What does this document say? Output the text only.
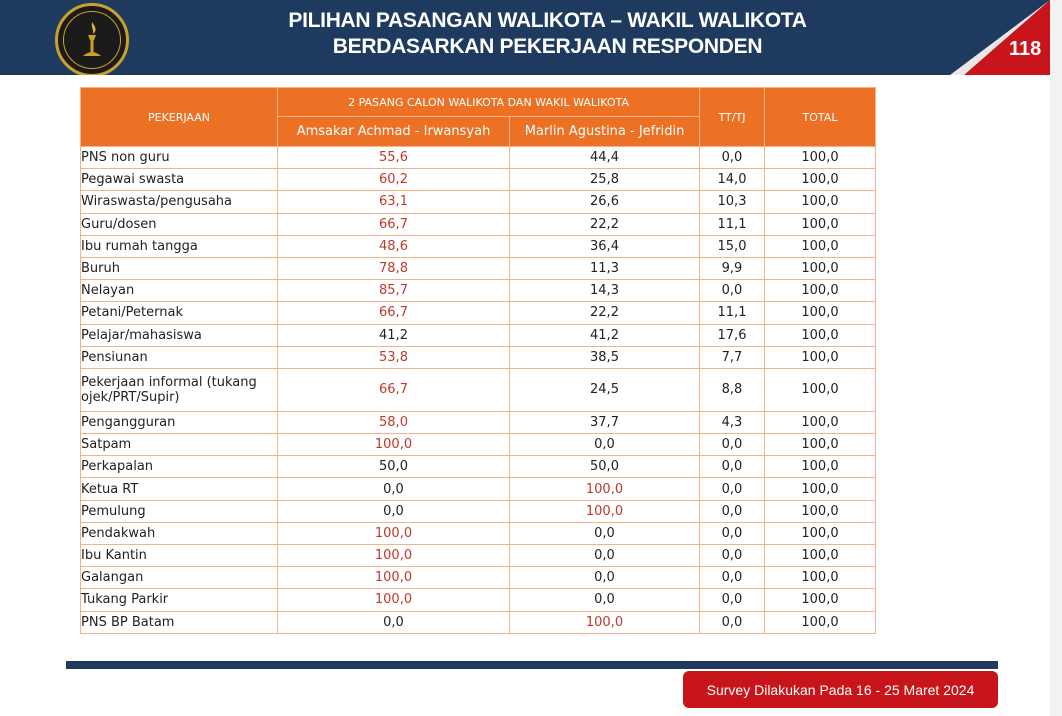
PILIHAN PASANGAN WALIKOTA – WAKIL WALIKOTA
BERDASARKAN PEKERJAAN RESPONDEN	118
PEKERJAAN	2 PASANG CALON WALIKOTA DAN WAKIL WALIKOTA		TT/TJ	TOTAL
	Amsakar Achmad - Irwansyah	Marlin Agustina - Jefridin		
PNS non guru	55,6	44,4	0,0	100,0
Pegawai swasta	60,2	25,8	14,0	100,0
Wiraswasta/pengusaha	63,1	26,6	10,3	100,0
Guru/dosen	66,7	22,2	11,1	100,0
Ibu rumah tangga	48,6	36,4	15,0	100,0
Buruh	78,8	11,3	9,9	100,0
Nelayan	85,7	14,3	0,0	100,0
Petani/Peternak	66,7	22,2	11,1	100,0
Pelajar/mahasiswa	41,2	41,2	17,6	100,0
Pensiunan	53,8	38,5	7,7	100,0
Pekerjaan informal (tukang ojek/PRT/Supir)	66,7	24,5	8,8	100,0
Pengangguran	58,0	37,7	4,3	100,0
Satpam	100,0	0,0	0,0	100,0
Perkapalan	50,0	50,0	0,0	100,0
Ketua RT	0,0	100,0	0,0	100,0
Pemulung	0,0	100,0	0,0	100,0
Pendakwah	100,0	0,0	0,0	100,0
Ibu Kantin	100,0	0,0	0,0	100,0
Galangan	100,0	0,0	0,0	100,0
Tukang Parkir	100,0	0,0	0,0	100,0
PNS BP Batam	0,0	100,0	0,0	100,0
Survey Dilakukan Pada 16 - 25 Maret 2024
